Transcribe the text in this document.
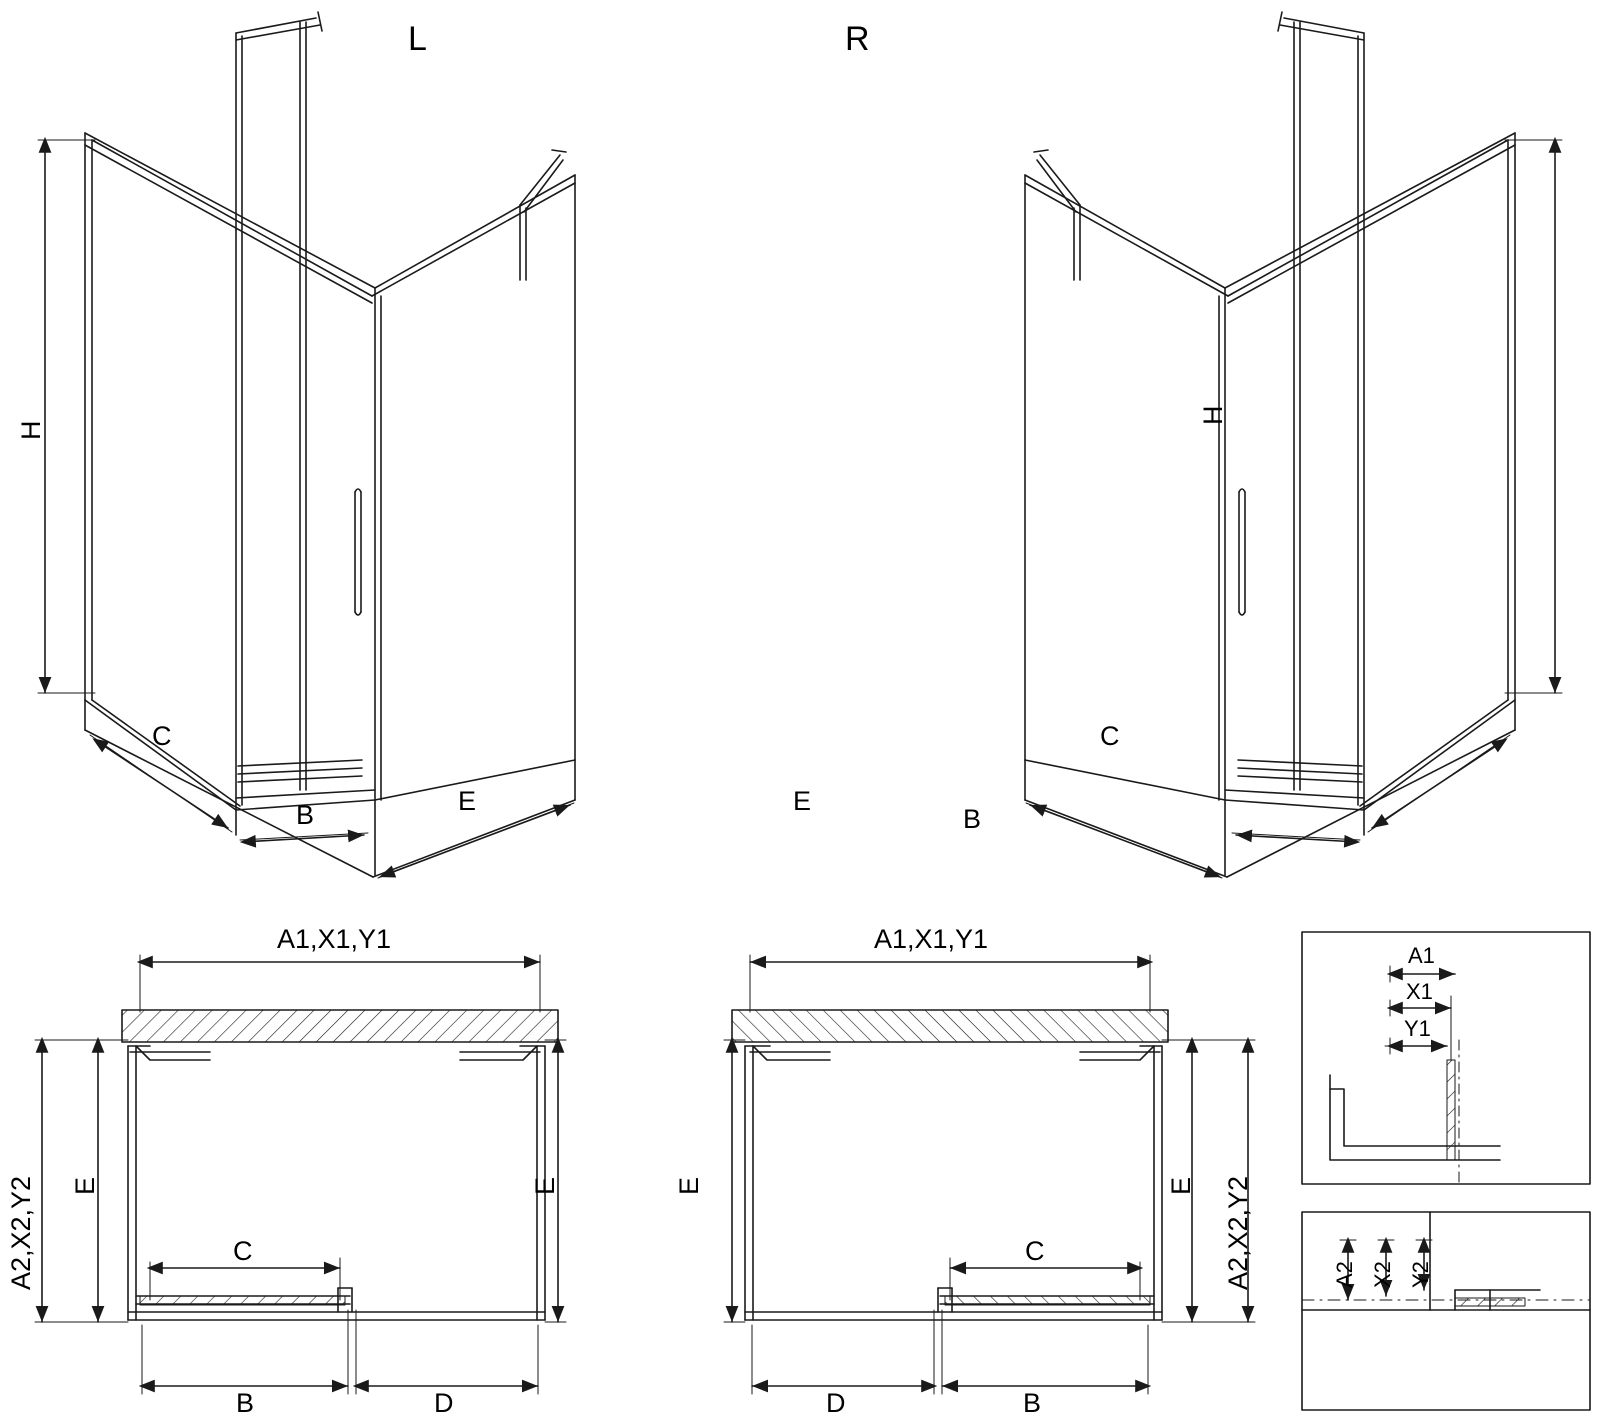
L
H
C
B	E
R
H
C
B
E
A1,X1,Y1
A2,X2,Y2 E	E
C
B	D
A1,X1,Y1
A2,X2,Y2
E	E
C
D	B
A1
X1
Y1
A2 X2 Y2
